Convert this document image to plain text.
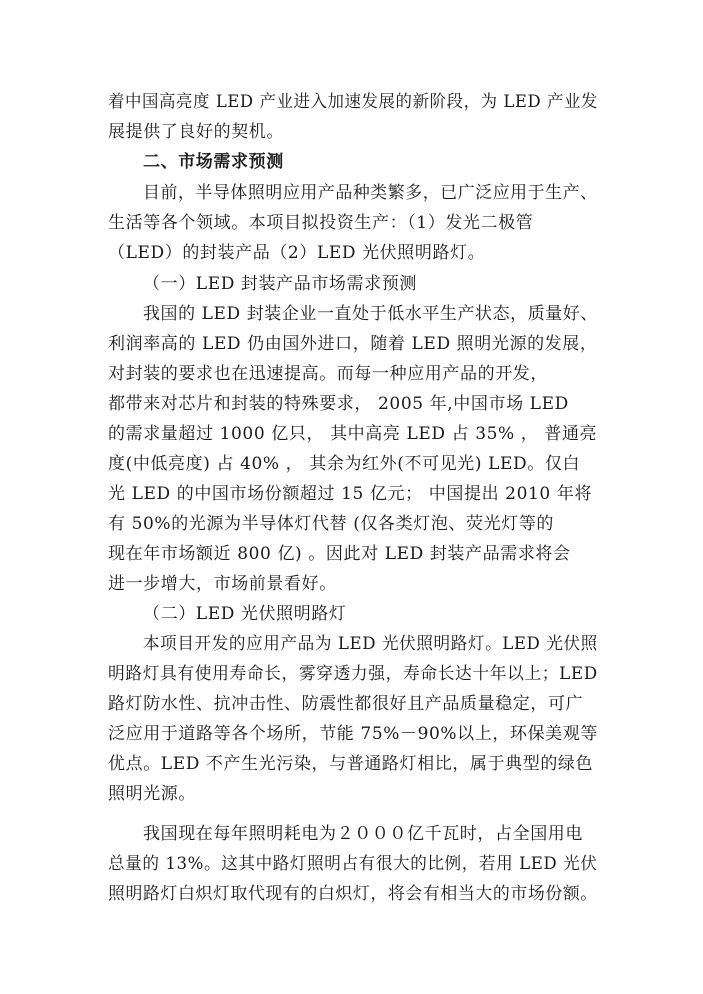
着中国高亮度 LED 产业进入加速发展的新阶段，为 LED 产业发
展提供了良好的契机。
二、市场需求预测
目前，半导体照明应用产品种类繁多，已广泛应用于生产、
生活等各个领域。本项目拟投资生产：（1）发光二极管
（LED）的封装产品（2）LED 光伏照明路灯。
（一）LED 封装产品市场需求预测
我国的 LED 封装企业一直处于低水平生产状态，质量好、
利润率高的 LED 仍由国外进口，随着 LED 照明光源的发展，
对封装的要求也在迅速提高。而每一种应用产品的开发，
都带来对芯片和封装的特殊要求， 2005 年,中国市场 LED
的需求量超过 1000 亿只， 其中高亮 LED 占 35% ， 普通亮
度(中低亮度) 占 40% ， 其余为红外(不可见光) LED。仅白
光 LED 的中国市场份额超过 15 亿元； 中国提出 2010 年将
有 50%的光源为半导体灯代替 (仅各类灯泡、荧光灯等的
现在年市场额近 800 亿) 。因此对 LED 封装产品需求将会
进一步增大，市场前景看好。
（二）LED 光伏照明路灯
本项目开发的应用产品为 LED 光伏照明路灯。LED 光伏照
明路灯具有使用寿命长，雾穿透力强，寿命长达十年以上；LED
路灯防水性、抗冲击性、防震性都很好且产品质量稳定，可广
泛应用于道路等各个场所，节能 75%－90%以上，环保美观等
优点。LED 不产生光污染，与普通路灯相比，属于典型的绿色
照明光源。
我国现在每年照明耗电为２０００亿千瓦时，占全国用电
总量的 13%。这其中路灯照明占有很大的比例，若用 LED 光伏
照明路灯白炽灯取代现有的白炽灯，将会有相当大的市场份额。
